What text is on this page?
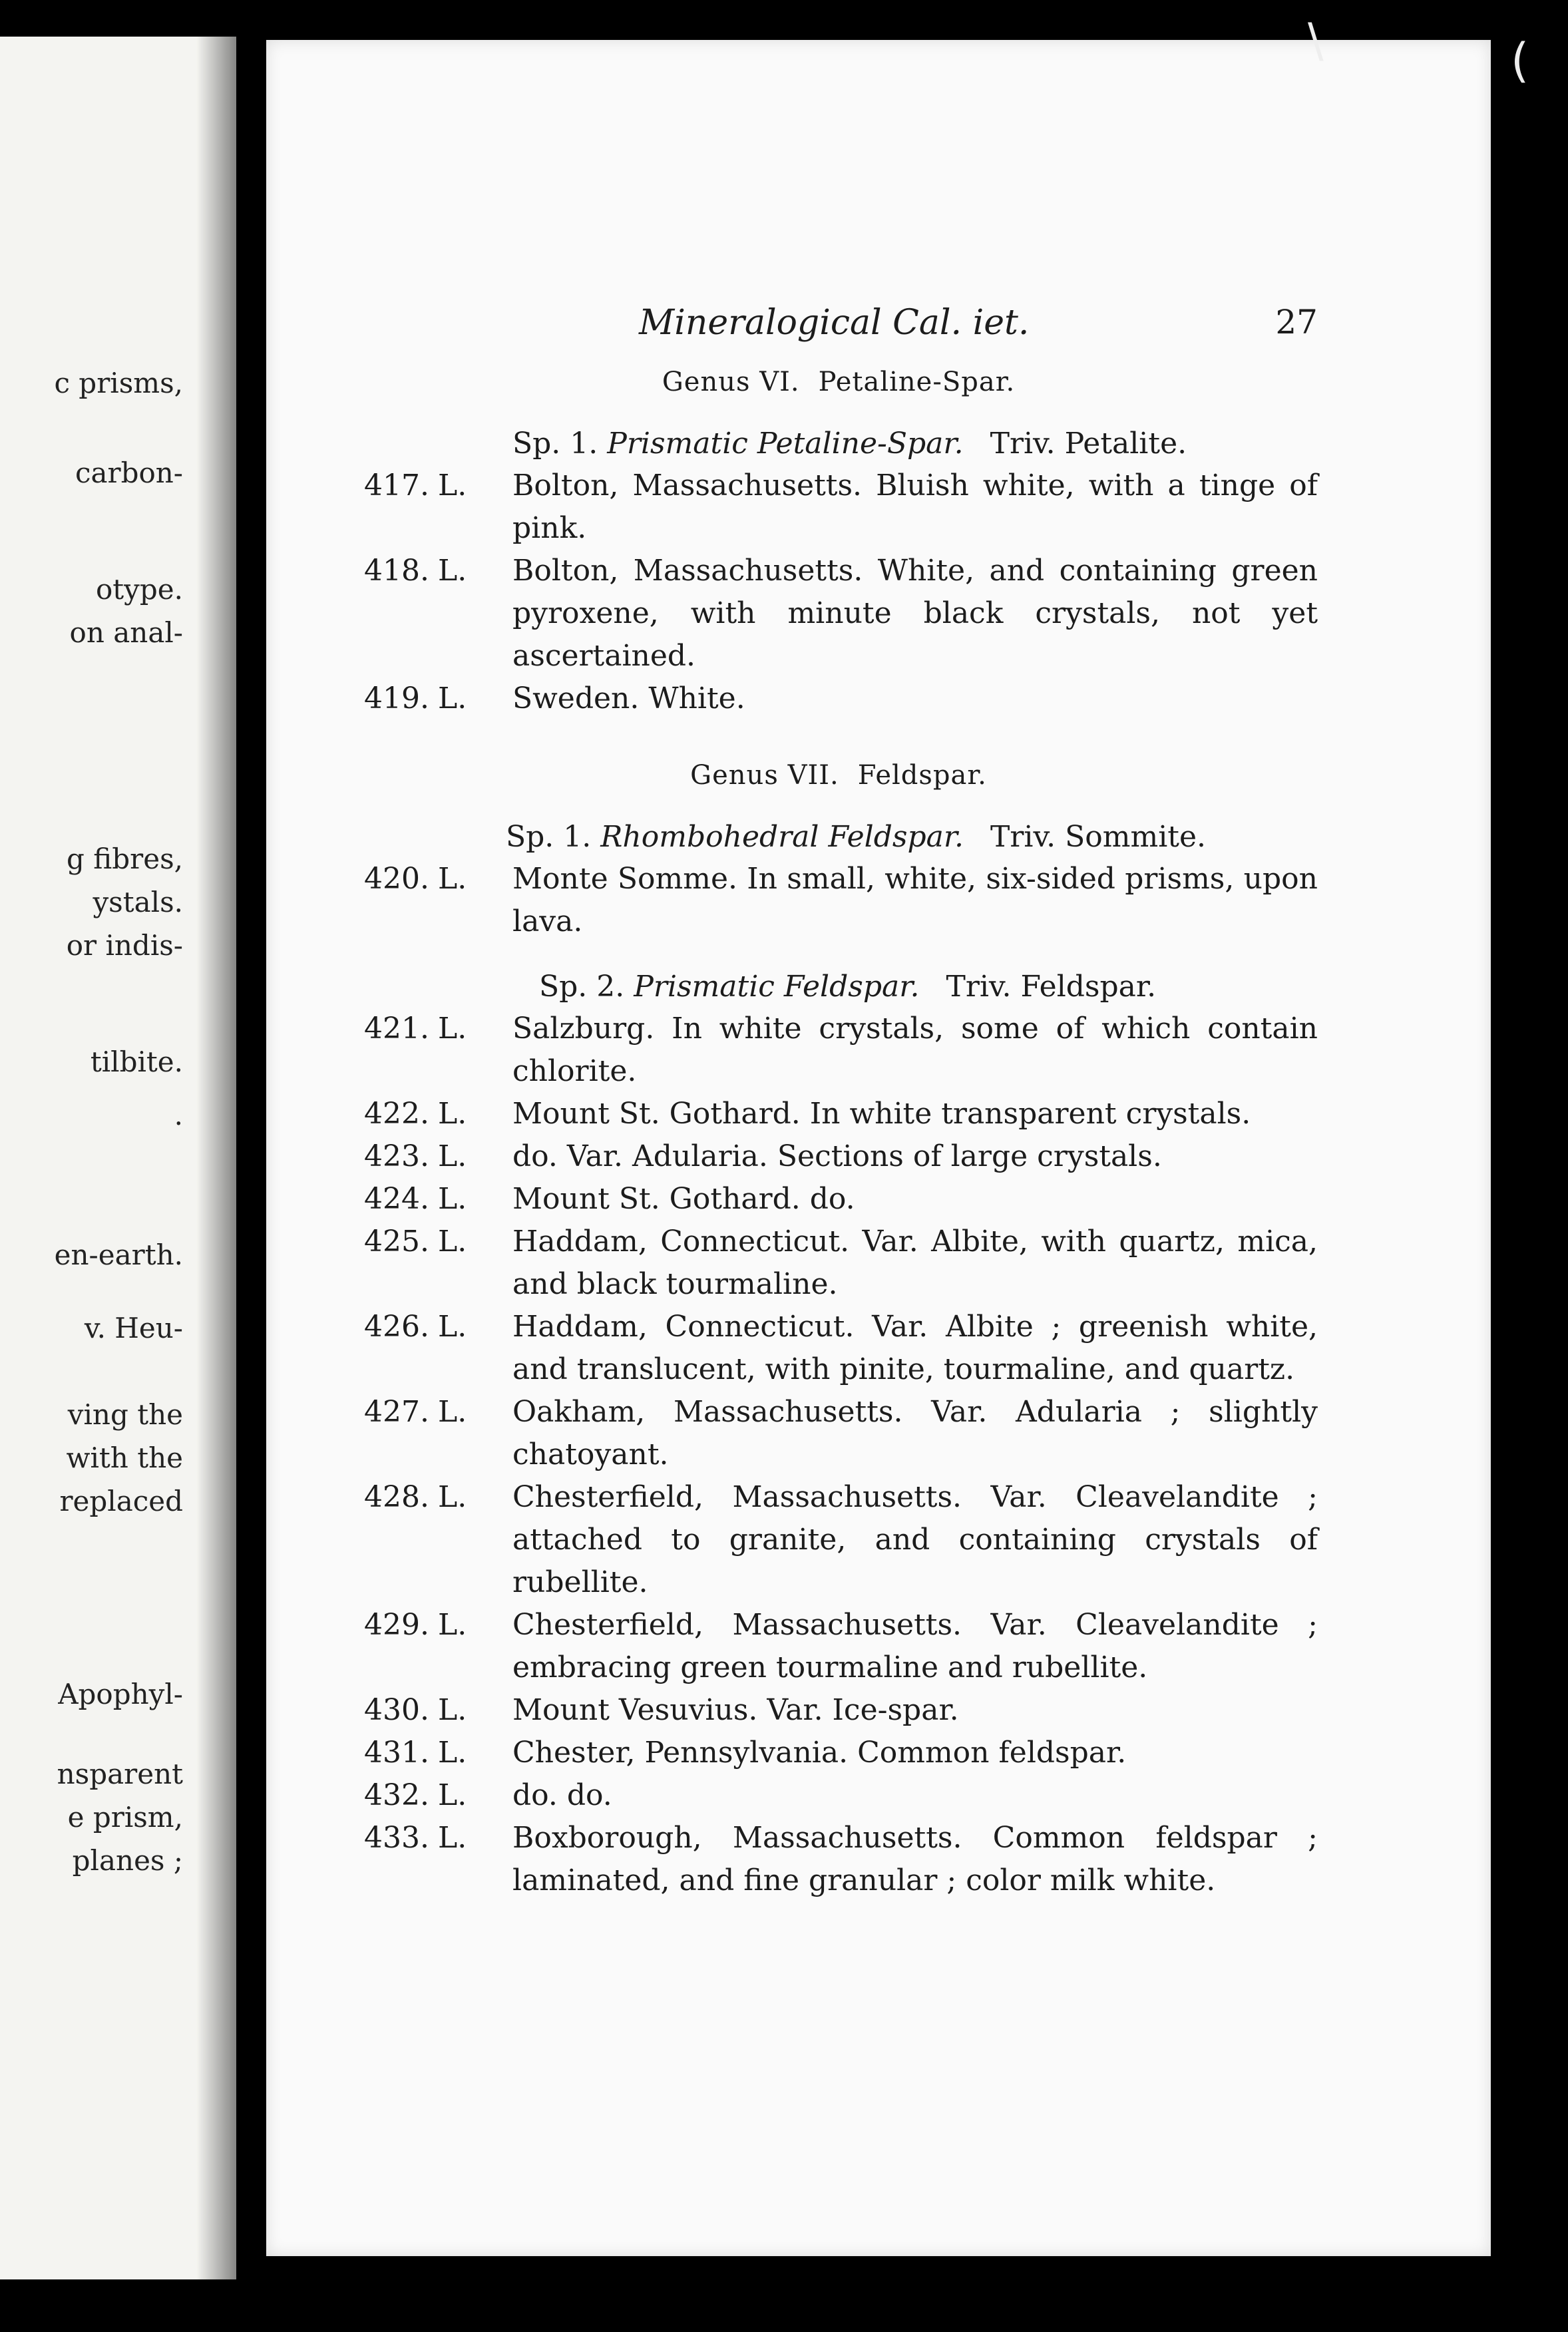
c prisms,
carbon-
otype.
on anal-
g fibres,
ystals.
or indis-
tilbite.
.
en-earth.
v. Heu-
ving the
with the
replaced
Apophyl-
nsparent
e prism,
planes ;
Mineralogical Cal. iet.	27
Genus VI. Petaline-Spar.
Sp. 1. Prismatic Petaline-Spar. Triv. Petalite.
417. L. Bolton, Massachusetts. Bluish white, with a tinge of pink.
418. L. Bolton, Massachusetts. White, and containing green pyroxene, with minute black crystals, not yet ascertained.
419. L. Sweden. White.
Genus VII. Feldspar.
Sp. 1. Rhombohedral Feldspar. Triv. Sommite.
420. L. Monte Somme. In small, white, six-sided prisms, upon lava.
Sp. 2. Prismatic Feldspar. Triv. Feldspar.
421. L. Salzburg. In white crystals, some of which contain chlorite.
422. L. Mount St. Gothard. In white transparent crystals.
423. L. do. Var. Adularia. Sections of large crystals.
424. L. Mount St. Gothard. do.
425. L. Haddam, Connecticut. Var. Albite, with quartz, mica, and black tourmaline.
426. L. Haddam, Connecticut. Var. Albite ; greenish white, and translucent, with pinite, tourmaline, and quartz.
427. L. Oakham, Massachusetts. Var. Adularia ; slightly chatoyant.
428. L. Chesterfield, Massachusetts. Var. Cleavelandite ; attached to granite, and containing crystals of rubellite.
429. L. Chesterfield, Massachusetts. Var. Cleavelandite ; embracing green tourmaline and rubellite.
430. L. Mount Vesuvius. Var. Ice-spar.
431. L. Chester, Pennsylvania. Common feldspar.
432. L. do. do.
433. L. Boxborough, Massachusetts. Common feldspar ; laminated, and fine granular ; color milk white.
\	(
